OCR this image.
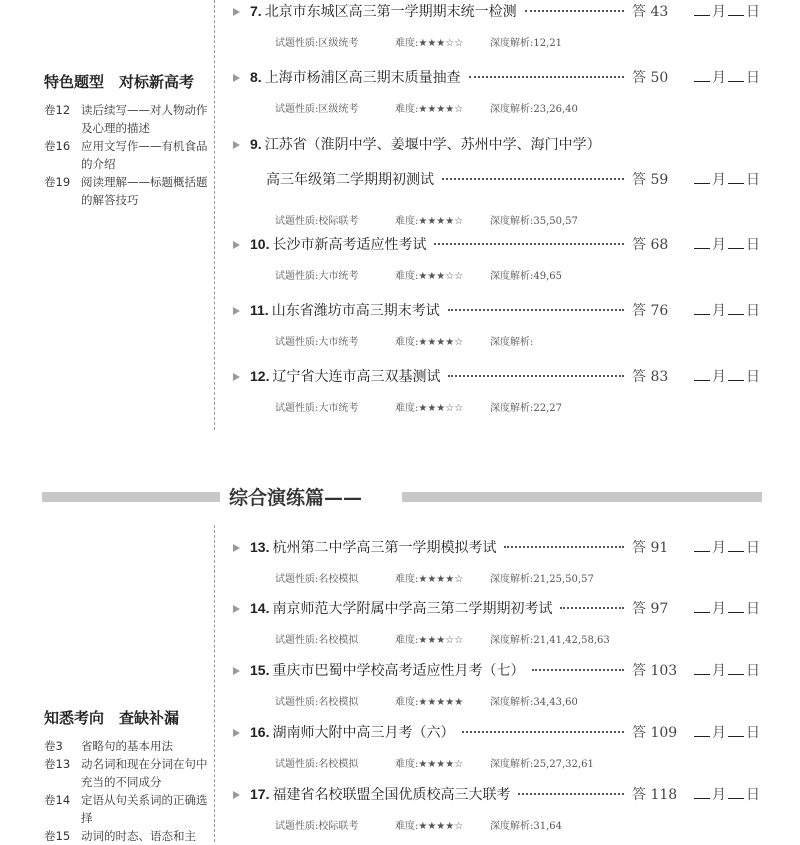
特色题型　对标新高考
卷12 读后续写——对人物动作及心理的描述
卷16 应用文写作——有机食品的介绍
卷19 阅读理解——标题概括题的解答技巧
知悉考向　查缺补漏
卷3 省略句的基本用法
卷13 动名词和现在分词在句中充当的不同成分
卷14 定语从句关系词的正确选择
卷15 动词的时态、语态和主
综合演练篇——
7. 北京市东城区高三第一学期期末统一检测	答 43	月 日
试题性质:区级统考	难度:★★★☆☆	深度解析:12,21
8. 上海市杨浦区高三期末质量抽查	答 50	月 日
试题性质:区级统考	难度:★★★★☆	深度解析:23,26,40
9. 江苏省（淮阴中学、姜堰中学、苏州中学、海门中学）
高三年级第二学期期初测试	答 59	月 日
试题性质:校际联考	难度:★★★★☆	深度解析:35,50,57
10. 长沙市新高考适应性考试	答 68	月 日
试题性质:大市统考	难度:★★★☆☆	深度解析:49,65
11. 山东省潍坊市高三期末考试	答 76	月 日
试题性质:大市统考	难度:★★★★☆	深度解析:
12. 辽宁省大连市高三双基测试	答 83	月 日
试题性质:大市统考	难度:★★★☆☆	深度解析:22,27
13. 杭州第二中学高三第一学期模拟考试	答 91	月 日
试题性质:名校模拟	难度:★★★★☆	深度解析:21,25,50,57
14. 南京师范大学附属中学高三第二学期期初考试	答 97	月 日
试题性质:名校模拟	难度:★★★☆☆	深度解析:21,41,42,58,63
15. 重庆市巴蜀中学校高考适应性月考（七）	答 103	月 日
试题性质:名校模拟	难度:★★★★★	深度解析:34,43,60
16. 湖南师大附中高三月考（六）	答 109	月 日
试题性质:名校模拟	难度:★★★★☆	深度解析:25,27,32,61
17. 福建省名校联盟全国优质校高三大联考	答 118	月 日
试题性质:校际联考	难度:★★★★☆	深度解析:31,64
